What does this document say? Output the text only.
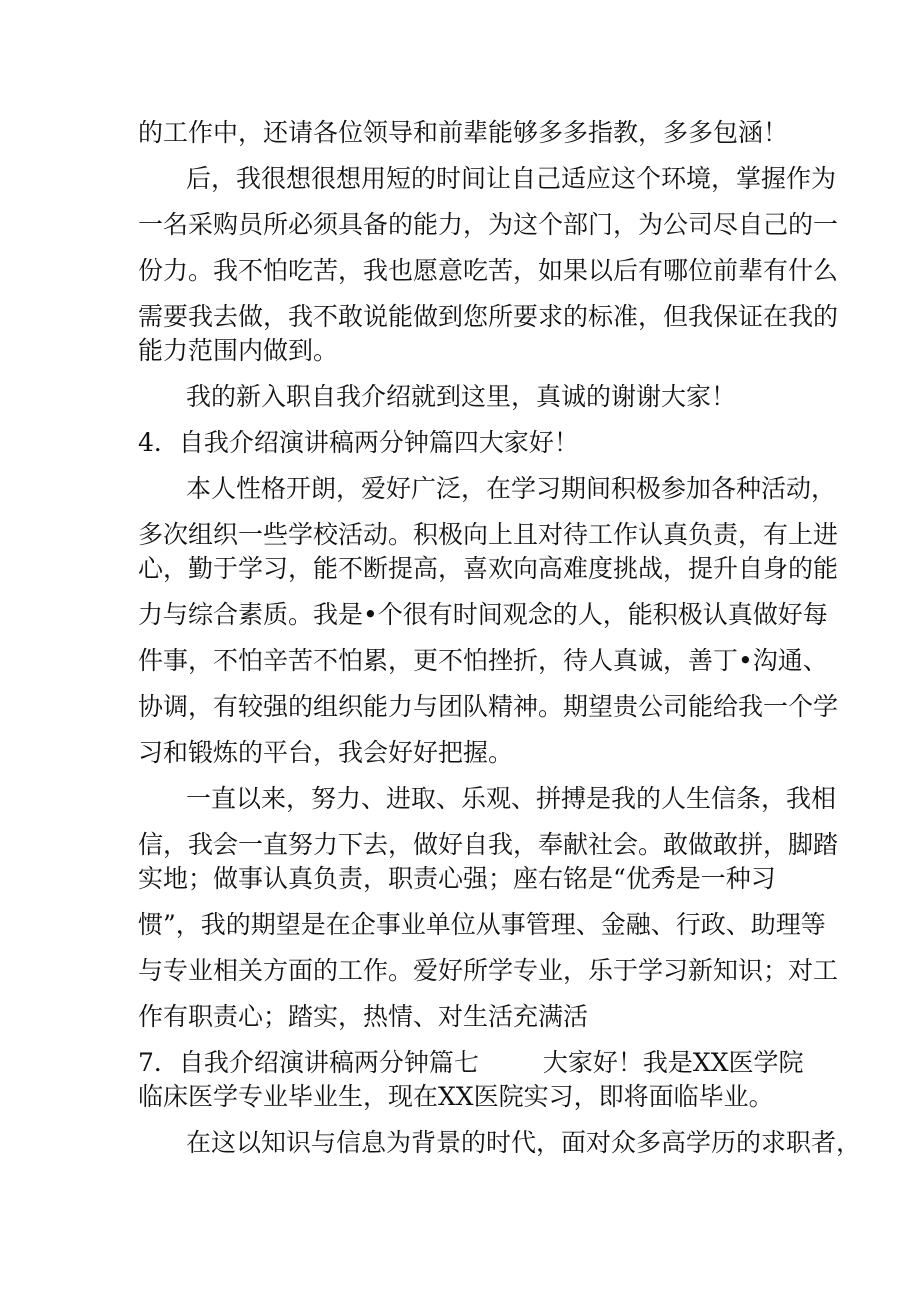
的工作中，还请各位领导和前辈能够多多指教，多多包涵！
后，我很想很想用短的时间让自己适应这个环境，掌握作为
一名采购员所必须具备的能力，为这个部门，为公司尽自己的一
份力。我不怕吃苦，我也愿意吃苦，如果以后有哪位前辈有什么
需要我去做，我不敢说能做到您所要求的标准，但我保证在我的
能力范围内做到。
我的新入职自我介绍就到这里，真诚的谢谢大家！
4．自我介绍演讲稿两分钟篇四大家好！
本人性格开朗，爱好广泛，在学习期间积极参加各种活动，
多次组织一些学校活动。积极向上且对待工作认真负责，有上进
心，勤于学习，能不断提高，喜欢向高难度挑战，提升自身的能
力与综合素质。我是•个很有时间观念的人，能积极认真做好每
件事，不怕辛苦不怕累，更不怕挫折，待人真诚，善丁•沟通、
协调，有较强的组织能力与团队精神。期望贵公司能给我一个学
习和锻炼的平台，我会好好把握。
一直以来，努力、进取、乐观、拼搏是我的人生信条，我相
信，我会一直努力下去，做好自我，奉献社会。敢做敢拼，脚踏
实地；做事认真负责，职责心强；座右铭是“优秀是一种习
惯”，我的期望是在企事业单位从事管理、金融、行政、助理等
与专业相关方面的工作。爱好所学专业，乐于学习新知识；对工
作有职责心；踏实，热情、对生活充满活
7．自我介绍演讲稿两分钟篇七	大家好！我是XX医学院
临床医学专业毕业生，现在XX医院实习，即将面临毕业。
在这以知识与信息为背景的时代，面对众多高学历的求职者，
